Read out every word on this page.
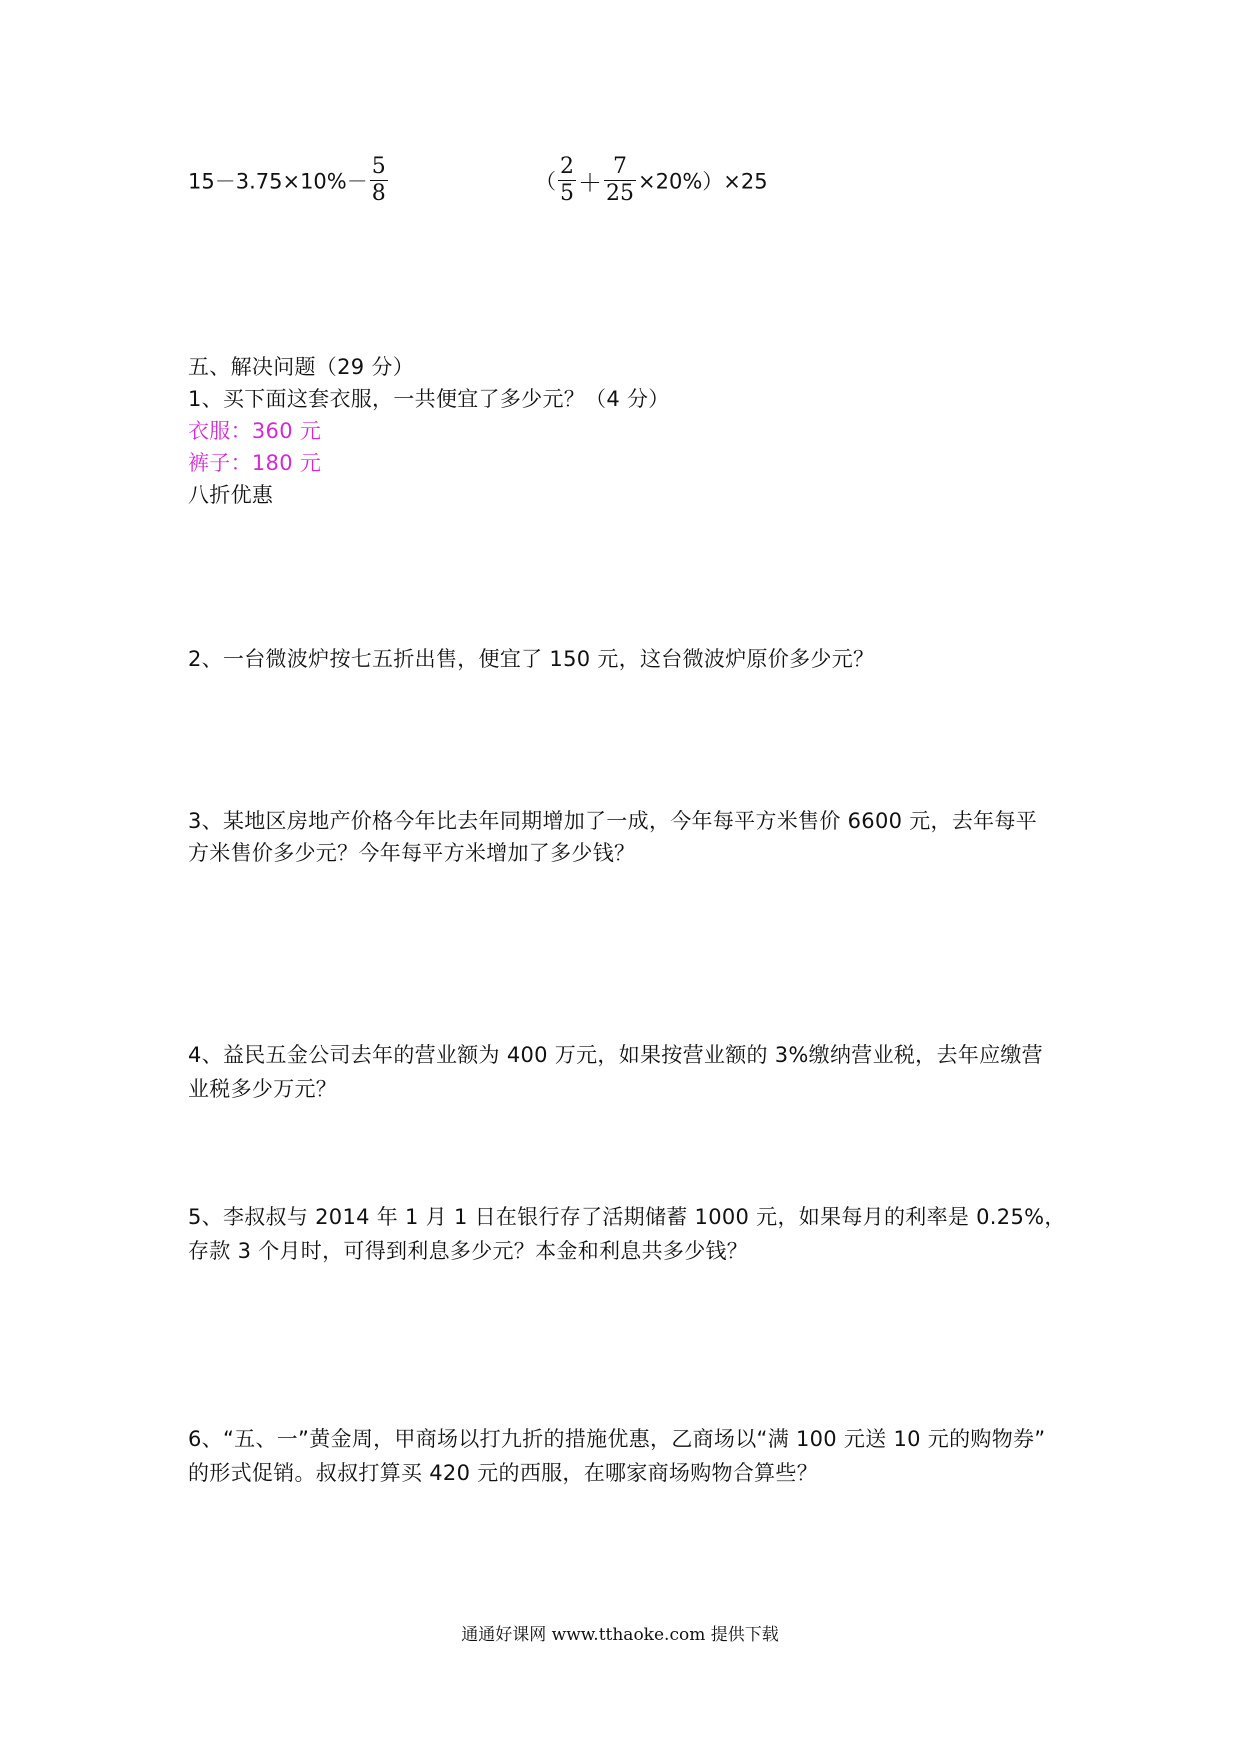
$15-3.75\times 10\%- \frac{5}{8}$	（ $\frac{2}{5} + \frac{7}{25} \times 20\%)\times 25$
五、解决问题（29 分）
1、买下面这套衣服，一共便宜了多少元？（4 分）
衣服：360 元
裤子：180 元
八折优惠
2、一台微波炉按七五折出售，便宜了 150 元，这台微波炉原价多少元？
3、某地区房地产价格今年比去年同期增加了一成，今年每平方米售价 6600 元，去年每平
方米售价多少元？今年每平方米增加了多少钱？
4、益民五金公司去年的营业额为 400 万元，如果按营业额的 3%缴纳营业税，去年应缴营
业税多少万元？
5、李叔叔与 2014 年 1 月 1 日在银行存了活期储蓄 1000 元，如果每月的利率是 0.25%，
存款 3 个月时，可得到利息多少元？本金和利息共多少钱？
6、“五、一”黄金周，甲商场以打九折的措施优惠，乙商场以“满 100 元送 10 元的购物券”
的形式促销。叔叔打算买 420 元的西服，在哪家商场购物合算些？
通通好课网 www.tthaoke.com 提供下载
